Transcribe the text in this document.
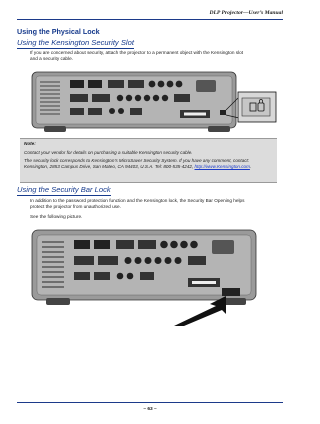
DLP Projector—User’s Manual
Using the Physical Lock
Using the Kensington Security Slot
If you are concerned about security, attach the projector to a permanent object with the Kensington slot
and a security cable.
Note:
Contact your vendor for details on purchasing a suitable Kensington security cable.
The security lock corresponds to Kensington’s MicroSaver Security System. If you have any comment, contact: Kensington, 2853 Campus Drive, San Mateo, CA 94403, U.S.A. Tel: 800-535-4242, http://www.Kensington.com.
Using the Security Bar Lock
In addition to the password protection function and the Kensington lock, the Security Bar Opening helps
protect the projector from unauthorized use.
See the following picture.
– 63 –
